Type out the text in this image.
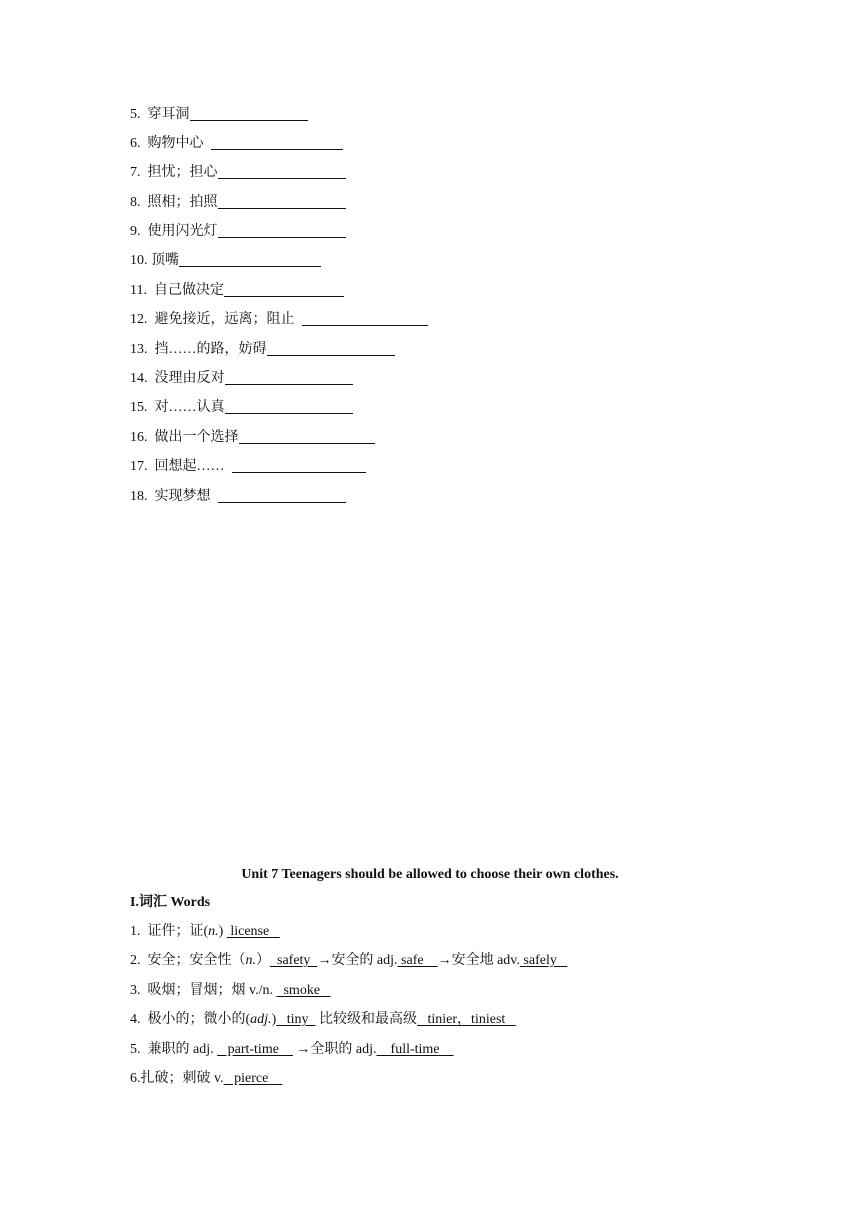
5. 穿耳洞
6. 购物中心
7. 担忧；担心
8. 照相；拍照
9. 使用闪光灯
10. 顶嘴
11. 自己做决定
12. 避免接近，远离；阻止
13. 挡……的路，妨碍
14. 没理由反对
15. 对……认真
16. 做出一个选择
17. 回想起……
18. 实现梦想
Unit 7 Teenagers should be allowed to choose their own clothes.
I.词汇 Words
1. 证件；证(n.)  license
2. 安全；安全性（n.）  safety  →安全的 adj. safe    →安全地 adv. safely
3. 吸烟；冒烟；烟 v./n.   smoke
4. 极小的；微小的(adj.)   tiny   比较级和最高级   tinier，tiniest
5. 兼职的 adj.    part-time     →全职的 adj.    full-time
6.扎破；刺破 v.   pierce
